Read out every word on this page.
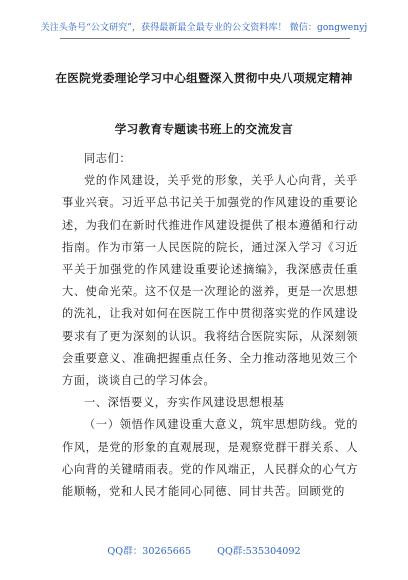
关注头条号“公文研究”，获得最新最全最专业的公文资料库！ 微信：gongwenyj
在医院党委理论学习中心组暨深入贯彻中央八项规定精神
学习教育专题读书班上的交流发言

同志们：

党的作风建设，关乎党的形象，关乎人心向背，关乎事业兴衰。习近平总书记关于加强党的作风建设的重要论述，为我们在新时代推进作风建设提供了根本遵循和行动指南。作为市第一人民医院的院长，通过深入学习《习近平关于加强党的作风建设重要论述摘编》，我深感责任重大、使命光荣。这不仅是一次理论的滋养，更是一次思想的洗礼，让我对如何在医院工作中贯彻落实党的作风建设要求有了更为深刻的认识。我将结合医院实际，从深刻领会重要意义、准确把握重点任务、全力推动落地见效三个方面，谈谈自己的学习体会。

一、深悟要义，夯实作风建设思想根基

（一）领悟作风建设重大意义，筑牢思想防线。党的作风，是党的形象的直观展现，是观察党群干群关系、人心向背的关键晴雨表。党的作风端正，人民群众的心气方能顺畅，党和人民才能同心同德、同甘共苦。回顾党的

QQ群：30265665	QQ群:535304092
